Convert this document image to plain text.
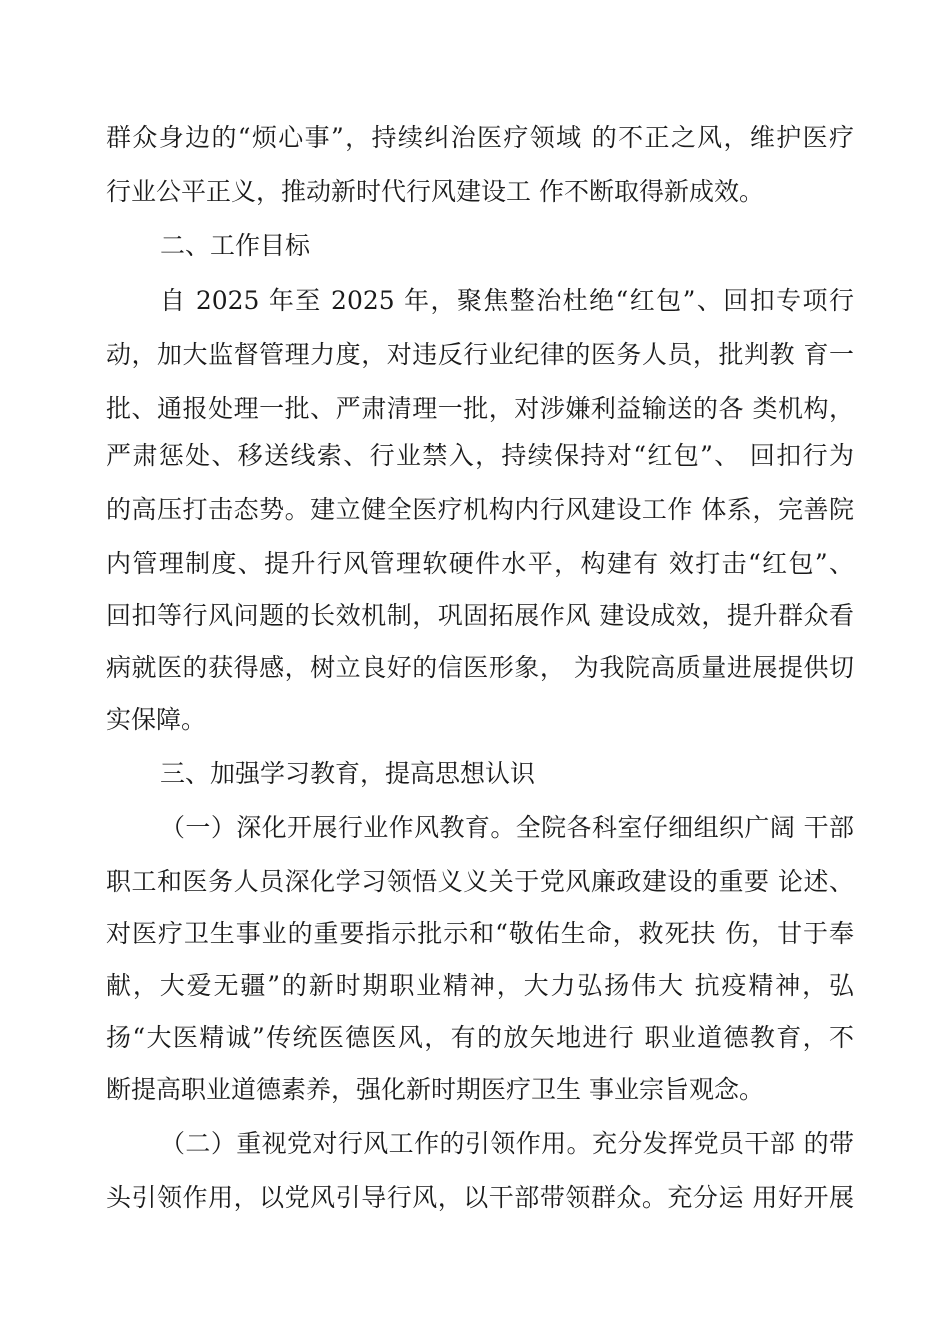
群众身边的“烦心事”，持续纠治医疗领域 的不正之风，维护医疗
行业公平正义，推动新时代行风建设工 作不断取得新成效。
二、工作目标
自 2025 年至 2025 年，聚焦整治杜绝“红包”、回扣专项行
动，加大监督管理力度，对违反行业纪律的医务人员，批判教 育一
批、通报处理一批、严肃清理一批，对涉嫌利益输送的各 类机构，
严肃惩处、移送线索、行业禁入，持续保持对“红包”、 回扣行为
的高压打击态势。建立健全医疗机构内行风建设工作 体系，完善院
内管理制度、提升行风管理软硬件水平，构建有 效打击“红包”、
回扣等行风问题的长效机制，巩固拓展作风 建设成效，提升群众看
病就医的获得感，树立良好的信医形象， 为我院高质量进展提供切
实保障。
三、加强学习教育，提高思想认识
（一）深化开展行业作风教育。全院各科室仔细组织广阔 干部
职工和医务人员深化学习领悟义义关于党风廉政建设的重要 论述、
对医疗卫生事业的重要指示批示和“敬佑生命，救死扶 伤，甘于奉
献，大爱无疆”的新时期职业精神，大力弘扬伟大 抗疫精神，弘
扬“大医精诚”传统医德医风，有的放矢地进行 职业道德教育，不
断提高职业道德素养，强化新时期医疗卫生 事业宗旨观念。
（二）重视党对行风工作的引领作用。充分发挥党员干部 的带
头引领作用，以党风引导行风，以干部带领群众。充分运 用好开展
